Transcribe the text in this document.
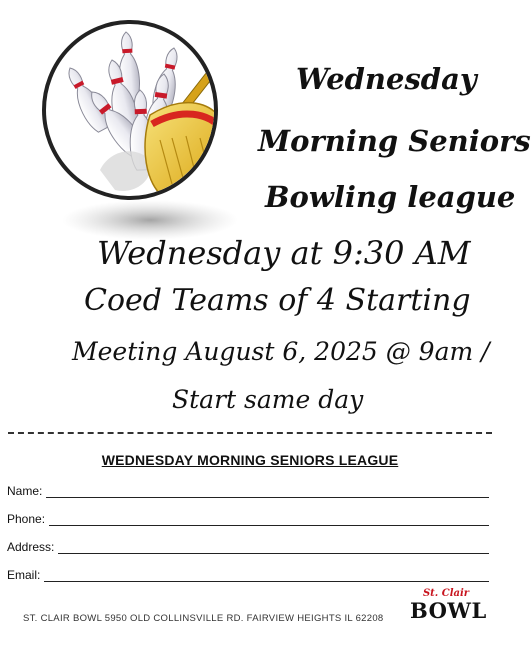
Wednesday
Morning Seniors
Bowling league
Wednesday at 9:30 AM
Coed Teams of 4 Starting
Meeting August 6, 2025 @ 9am /
Start same day
WEDNESDAY MORNING SENIORS LEAGUE
Name:
Phone:
Address:
Email:
ST. CLAIR BOWL 5950 OLD COLLINSVILLE RD. FAIRVIEW HEIGHTS IL 62208
St. Clair
BOWL
